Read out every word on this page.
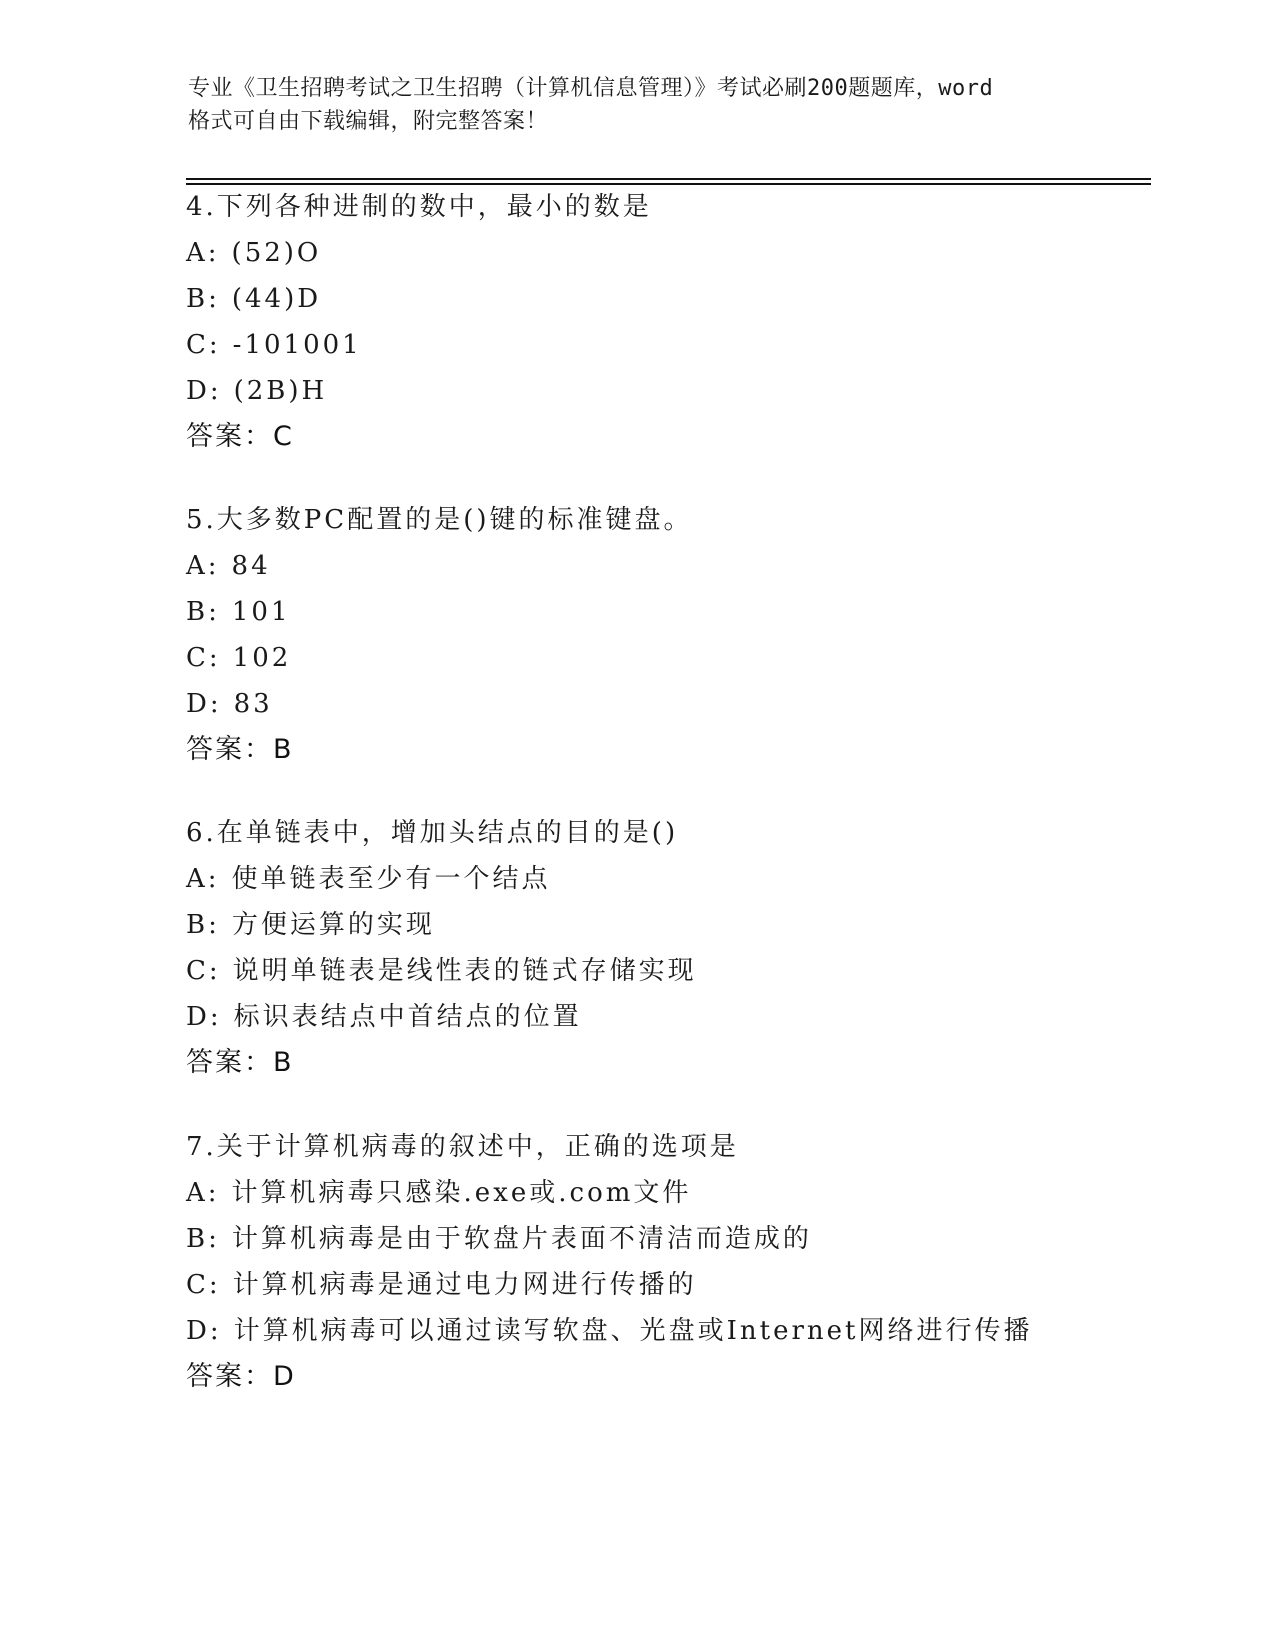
专业《卫生招聘考试之卫生招聘（计算机信息管理）》考试必刷200题题库，word
格式可自由下载编辑，附完整答案！
4.下列各种进制的数中，最小的数是
A: (52)O
B: (44)D
C: -101001
D: (2B)H
答案：C
5.大多数PC配置的是()键的标准键盘。
A: 84
B: 101
C: 102
D: 83
答案：B
6.在单链表中，增加头结点的目的是()
A: 使单链表至少有一个结点
B: 方便运算的实现
C: 说明单链表是线性表的链式存储实现
D: 标识表结点中首结点的位置
答案：B
7.关于计算机病毒的叙述中，正确的选项是
A: 计算机病毒只感染.exe或.com文件
B: 计算机病毒是由于软盘片表面不清洁而造成的
C: 计算机病毒是通过电力网进行传播的
D: 计算机病毒可以通过读写软盘、光盘或Internet网络进行传播
答案：D
